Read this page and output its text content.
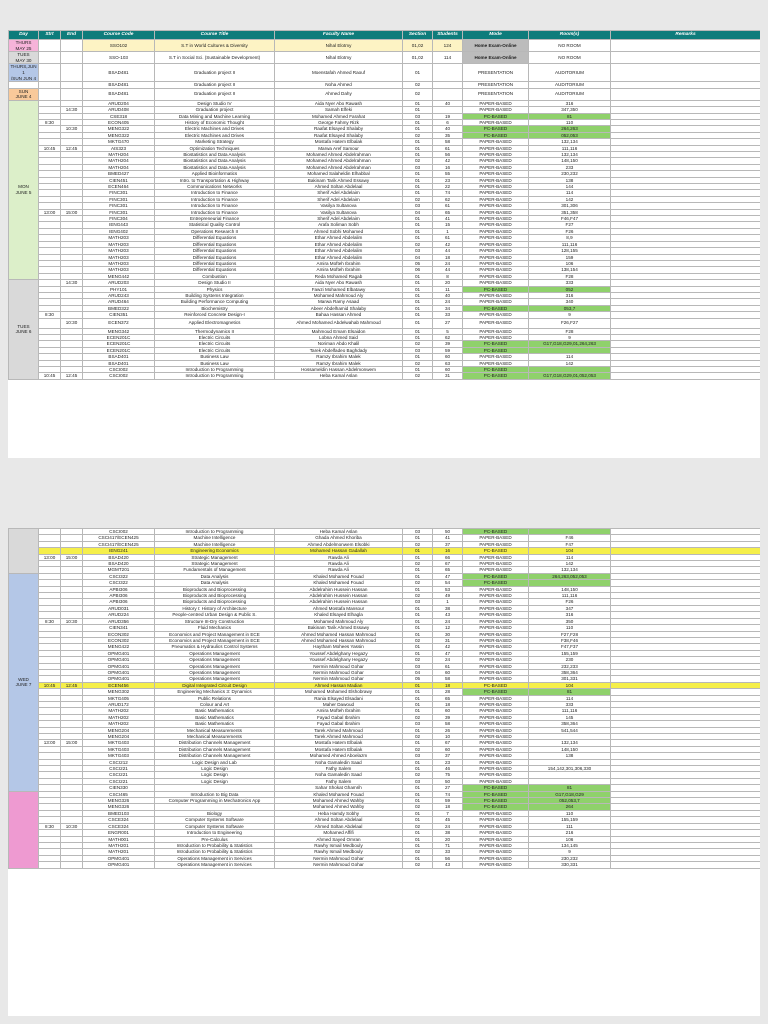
Day	Strt	End	Course Code	Course Title	Faculty Name	Section	Students	Mode	Room(s)	Remarks
THURS
MAY 25			SSO102	S.T in World Cultures & Diversity	Nihal Elotmy	01,02	124	Home Exam-Online	NO ROOM	
TUES
MAY 30			SSO-103	S.T in Social Sci. (Sustainable Development)	Nihal Elotmy	01,02	114	Home Exam-Online	NO ROOM	
THURS,JUN 1
/SUN JUN 4			BSAD481	Graduation project II	Moenstafah Ahmed Raouf	01		PRESENTATION	AUDITORIUM	
			BSAD481	Graduation project II	Noha Ahmed	02		PRESENTATION	AUDITORIUM	
SUN
JUNE 4			BSAD481	Graduation project II	Ahmed Dahy	02		PRESENTATION	AUDITORIUM	
MON
JUNE 5			ARUD204	Design Studio IV	Aida Nyer Abo Rawash	01	40	PAPER-BASED	316	
		14:30	ARUD408	Graduation project	Samah Elfeki	01		PAPER-BASED	347,350	
			CSE318	Data Mining and Machine Learning	Mohamed Ahmed Farahat	03	19	PC-BASED	81	
	8:30		ECON405	History of Economic Thought	George Fahmy Rizk	01	6	PAPER-BASED	110	
		10:30	MENG322	Electric Machines and Drives	Raafat Elsayed Shalaby	01	40	PC-BASED	264,263	
			MENG322	Electric Machines and Drives	Raafat Elsayed Shalaby	02	35	PC-BASED	052,053	
			MKTG470	Marketing Strategy	Mostafa Hatem Elbalak	01	58	PAPER-BASED	132,134	
	10:45	12:45	AIS323	Optimization Techniques	Marwa Aref Samour	01	61	PAPER-BASED	111,116	
			MATH204	Biostatistics and Data Analysis	Mohamed Ahmed Abdelrahman	01	56	PAPER-BASED	132,134	
			MATH204	Biostatistics and Data Analysis	Mohamed Ahmed Abdelrahman	02	42	PAPER-BASED	148,150	
			MATH204	Biostatistics and Data Analysis	Mohamed Ahmed Abdelrahman	03	16	PAPER-BASED	233	
			BMED427	Applied Bioinformatics	Mohamed Salaheldin Elhabbal	01	55	PAPER-BASED	230,232	
			CIEN451	Intro. to Transportation & Highway	Bakinam Tarik Ahmed Essawy	01	23	PAPER-BASED	138	
			ECEN464	Communications Networks	Ahmed Soltan Abdelaal	01	22	PAPER-BASED	144	
			FINC301	Introduction to Finance	Sherif Adel Abdelaim	01	74	PAPER-BASED	114	
			FINC301	Introduction to Finance	Sherif Adel Abdelaim	02	62	PAPER-BASED	142	
			FINC301	Introduction to Finance	Vasilya Sultanova	03	61	PAPER-BASED	301,306	
	13:00	15:00	FINC301	Introduction to Finance	Vasilya Sultanova	04	65	PAPER-BASED	351,358	
			FINC304	Entrepreneurial Finance	Sherif Adel Abdelaim	01	41	PAPER-BASED	F46,F47	
			IENG443	Statistical Quality Control	Arafa Soliman Sobh	01	15	PAPER-BASED	F27	
			IENG402	Operations Research II	Ahmed Sobhi Mohamed	01	1	PAPER-BASED	F26	
			MATH203	Differential Equations	Ethar Ahmed Abdelalim	01	61	PAPER-BASED	8,9	
			MATH203	Differential Equations	Ethar Ahmed Abdelalim	02	42	PAPER-BASED	111,116	
			MATH203	Differential Equations	Ethar Ahmed Abdelalim	03	44	PAPER-BASED	128,155	
			MATH203	Differential Equations	Ethar Ahmed Abdelalim	04	18	PAPER-BASED	159	
			MATH203	Differential Equations	Amira Mofteh Ibrahim	05	24	PAPER-BASED	106	
			MATH203	Differential Equations	Amira Mofteh Ibrahim	06	44	PAPER-BASED	138,154	
			MENG442	Combustion	Reda Mohamed Ragab	01	8	PAPER-BASED	F28	
TUES
JUNE 6		14:30	ARUD203	Design Studio II	Aida Nyer Abo Rawash	01	20	PAPER-BASED	333	
			PHY101	Physics	Fawzi Mohamed Elbatawy	01	11	PC-BASED	052	
			ARUD243	Building Systems Integration	Mohamed Mahmoud Aly	01	40	PAPER-BASED	316	
			ARUD464	Building Performance Computing	Marwa Ramy Asaad	01	24	PAPER-BASED	340	
			BMED322	Biochemistry	Abeer Abdelhamid Shalaby	01	34	PC-BASED	053,7	
	8:30		CIEN351	Reinforced Concrete Design-I	Bahaa Hassan Ahmed	01	33	PAPER-BASED	9	
		10:30	ECEN372	Applied Electromagnetics	Ahmed Mohamed Abdelwahab Mahmoud	01	27	PAPER-BASED	F26,F27	
			MENG342	Thermodynamics II	Mahmoud Emam Elsaidon	01	5	PAPER-BASED	F28	
			ECEN201C	Electric Circuits	Lobna Ahmed Said	01	62	PAPER-BASED	9	
			ECEN201C	Electric Circuits	Noriman Abdo Khalil	02	39	PC-BASED	G17,G18,G29,01,264,263	
			ECEN201C	Electric Circuits	Tarek Abdelfadeo Baghdady	03	59	PC-BASED		
			BSAD401	Business Law	Ramzy Ibrahim Malek	01	60	PAPER-BASED	114	
			BSAD401	Business Law	Ramzy Ibrahim Malek	02	63	PAPER-BASED	142	
			CSCI002	Introduction to Programming	Hossameldin Hassan Abdelmonwem	01	60	PC-BASED		
	10:45	12:45	CSCI002	Introduction to Programming	Heba Kamal Aslan	02	31	PC-BASED	G17,G18,G29,01,052,053	
			CSCI002	Introduction to Programming	Heba Kamal Aslan	03	50	PC-BASED		
			CSCI417/ECEN425	Machine Intelligence	Ghada Ahmed Khoriba	01	41	PAPER-BASED	F46	
			CSCI417/ECEN425	Machine Intelligence	Ahmed Abdelmonwem Elsobki	02	37	PAPER-BASED	F47	
			IENG241	Engineering Economics	Mohamed Hassan Gadallah	01	16	PC-BASED	104	
	13:00	15:00	BSAD420	Strategic Management	Rawda Ali	01	66	PAPER-BASED	114	
			BSAD420	Strategic Management	Rawda Ali	02	67	PAPER-BASED	142	
			MGMT201	Fundamentals of Management	Rawda Ali	01	65	PAPER-BASED	132,134	
WED
JUNE 7			CSCI322	Data Analysis	Khaled Mohamed Fouad	01	47	PC-BASED	264,263,052,053	
			CSCI322	Data Analysis	Khaled Mohamed Fouad	02	54	PC-BASED		
			APBI306	Bioproducts and Bioprocessing	Abdelrahim Hussein Hassan	01	53	PAPER-BASED	148,150	
			APBI306	Bioproducts and Bioprocessing	Abdelrahim Hussein Hassan	02	49	PAPER-BASED	111,116	
			APBI306	Bioproducts and Bioprocessing	Abdelrahim Hussein Hassan	03	1	PAPER-BASED	F26	
			ARUD031	History I: History of Architecture	Ahmed Mostafa Mansour	01	38	PAPER-BASED	347	
			ARUD224	People-centred Urban Design & Public S.	Khaled Elsayed Elhagla	01	43	PAPER-BASED	316	
	8:30	10:30	ARUD356	Structure III-Dry Construction	Mohamed Mahmoud Aly	01	24	PAPER-BASED	350	
			CIEN341	Fluid Mechanics	Bakinam Tarik Ahmed Essawy	01	12	PAPER-BASED	110	
			ECON302	Economics and Project Management in ECE	Ahmed Mohamed Hassan Mahmoud	01	30	PAPER-BASED	F27,F28	
			ECON302	Economics and Project Management in ECE	Ahmed Mohamed Hassan Mahmoud	02	31	PAPER-BASED	F38,F46	
			MENG422	Pneumatics & Hydraulics Control Systems	Haytham Mohees Yassin	01	42	PAPER-BASED	F47,F37	
			OPMG401	Operations Management	Youssef Abdelghany Hegazy	01	47	PAPER-BASED	155,159	
			OPMG401	Operations Management	Youssef Abdelghany Hegazy	02	24	PAPER-BASED	230	
			OPMG401	Operations Management	Nermin Mahmoud Gohar	03	61	PAPER-BASED	232,233	
			OPMG401	Operations Management	Nermin Mahmoud Gohar	04	60	PAPER-BASED	358,364	
			OPMG401	Operations Management	Nermin Mahmoud Gohar	05	58	PAPER-BASED	301,331	
	10:45	12:45	ECEN456	Digital Integrated Circuit Design	Ahmed Hassan Madian	01	18	PC-BASED	104	
			MENG302	Engineering Mechanics 3: Dynamics	Mohamed Mohamed Elshobrawy	01	28	PC-BASED	81	
			MKTG405	Public Relations	Rania Elsayed Elsadani	01	65	PAPER-BASED	114	
			ARUD172	Colour and Art	Maher Dawoud	01	18	PAPER-BASED	333	
			MATH202	Basic Mathematics	Amira Mofteh Ibrahim	01	60	PAPER-BASED	111,116	
			MATH202	Basic Mathematics	Fayad Gabal Ibrahim	02	39	PAPER-BASED	145	
			MATH202	Basic Mathematics	Fayad Gabal Ibrahim	03	58	PAPER-BASED	358,364	
			MENG204	Mechanical Measurements	Tarek Ahmed Mahmoud	01	26	PAPER-BASED	541,544	
			MENG204	Mechanical Measurements	Tarek Ahmed Mahmoud	02	10	PAPER-BASED		
	13:00	15:00	MKTG403	Distribution Channels Management	Mostafa Hatem Elbalak	01	67	PAPER-BASED	132,134	
			MKTG403	Distribution Channels Management	Mostafa Hatem Elbalak	02	60	PAPER-BASED	148,150	
			MKTG403	Distribution Channels Management	Mohamed Ahmed Aboelazm	03	37	PAPER-BASED	138	
			CSCI212	Logic Design and Lab	Noha Gamaledin Saad	01	23	PAPER-BASED		
			CSCI221	Logic Design	Fathy Salem	01	46	PAPER-BASED	154,142,301,306,330	
			CSCI221	Logic Design	Noha Gamaledin Saad	02	75	PAPER-BASED		
			CSCI221	Logic Design	Fathy Salem	03	50	PAPER-BASED		
			CIEN330		Sahar Shokat Ghamrih	01	27	PC-BASED	81	
			CSCI465	Introduction to Big Data	Khaled Mohamed Fouad	01	74	PC-BASED	G17,G18,G29	
			MENG326	Computer Programming in Mechatronics App	Mohamed Ahmed Wahby	01	59	PC-BASED	052,053,7	
			MENG326		Mohamed Ahmed Wahby	02	18	PC-BASED	264	
			BMED103	Biology	Heba Hamdy Sobhy	01	7	PAPER-BASED	110	
			CSCE324	Computer Systems Software	Ahmed Soltan Abdelaal	01	45	PAPER-BASED	155,159	
	8:30	10:30	CSCE324	Computer Systems Software	Ahmed Soltan Abdelaal	02	24	PAPER-BASED	111	
			ENGR001	Introduction to Engineering	Mohamed Affifi	01	38	PAPER-BASED	216	
			MATH001	Pre-Calculus	Ahmed Sayed Omran	01	20	PAPER-BASED	106	
			MATH201	Introduction to Probability & Statistics	Rawhy Ismail Medbouly	01	71	PAPER-BASED	134,145	
			MATH201	Introduction to Probability & Statistics	Rawhy Ismail Medbouly	02	33	PAPER-BASED	9	
			OPMG401	Operations Management in Services	Nermin Mahmoud Gohar	01	56	PAPER-BASED	230,232	
			OPMG401	Operations Management in Services	Nermin Mahmoud Gohar	02	43	PAPER-BASED	330,331	
